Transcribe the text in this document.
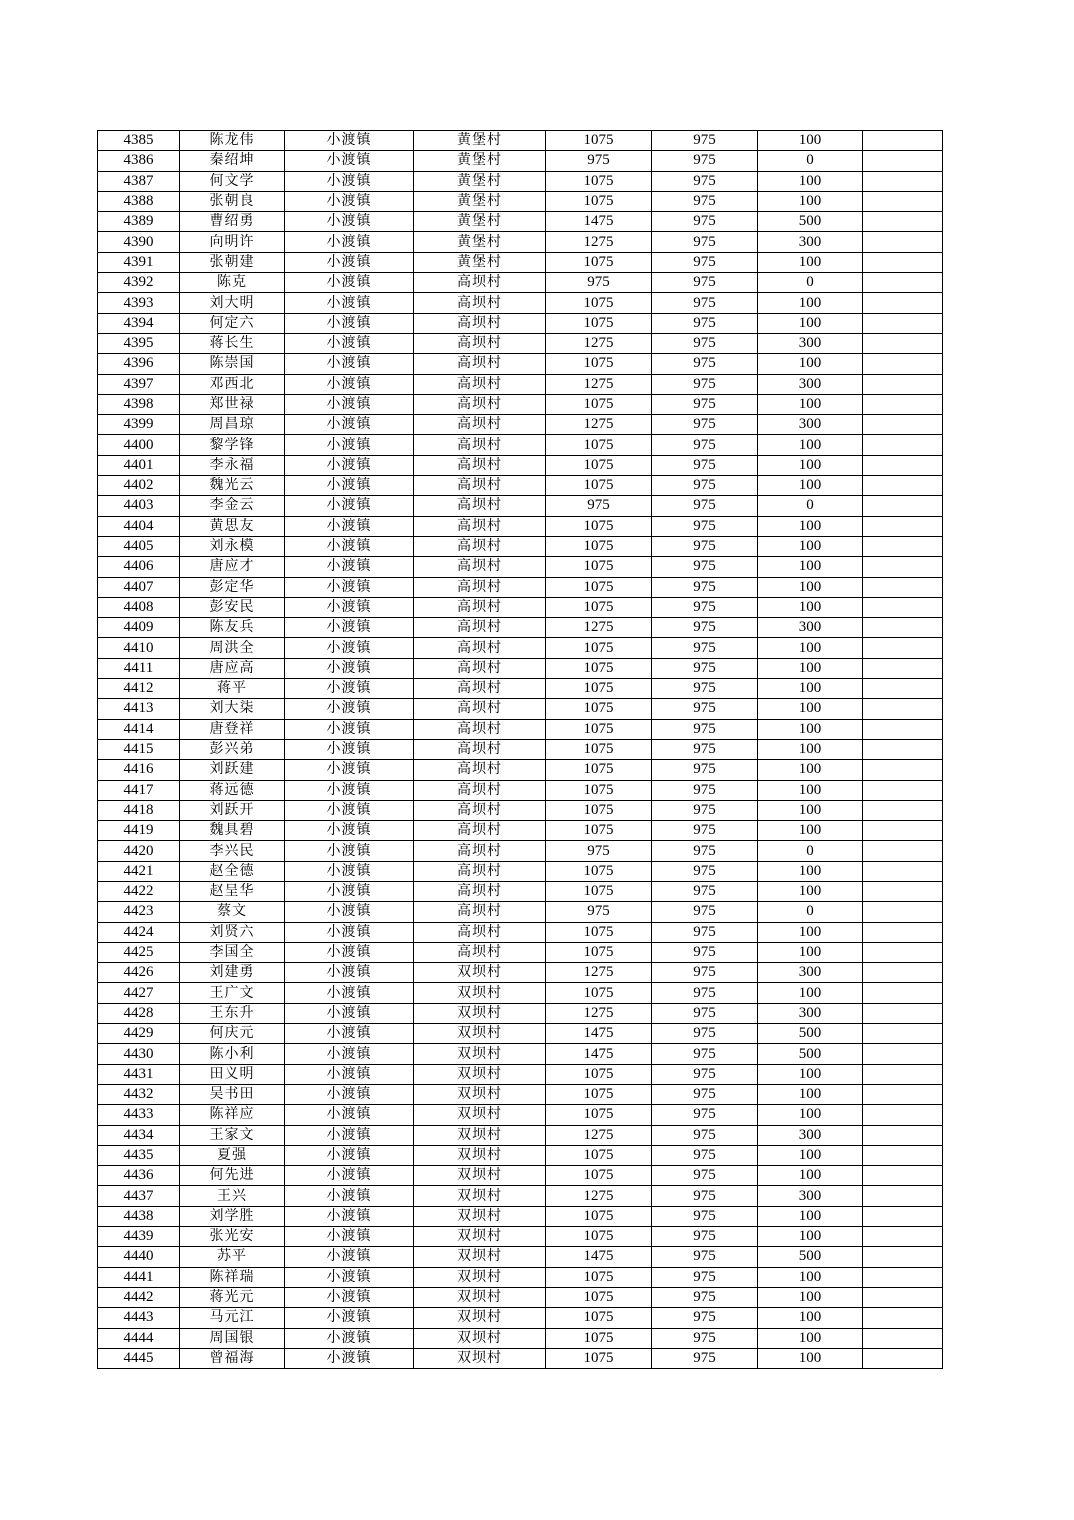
4385	陈龙伟	小渡镇	黄堡村	1075	975	100	
4386	秦绍坤	小渡镇	黄堡村	975	975	0	
4387	何文学	小渡镇	黄堡村	1075	975	100	
4388	张朝良	小渡镇	黄堡村	1075	975	100	
4389	曹绍勇	小渡镇	黄堡村	1475	975	500	
4390	向明许	小渡镇	黄堡村	1275	975	300	
4391	张朝建	小渡镇	黄堡村	1075	975	100	
4392	陈克	小渡镇	高坝村	975	975	0	
4393	刘大明	小渡镇	高坝村	1075	975	100	
4394	何定六	小渡镇	高坝村	1075	975	100	
4395	蒋长生	小渡镇	高坝村	1275	975	300	
4396	陈崇国	小渡镇	高坝村	1075	975	100	
4397	邓西北	小渡镇	高坝村	1275	975	300	
4398	郑世禄	小渡镇	高坝村	1075	975	100	
4399	周昌琼	小渡镇	高坝村	1275	975	300	
4400	黎学锋	小渡镇	高坝村	1075	975	100	
4401	李永福	小渡镇	高坝村	1075	975	100	
4402	魏光云	小渡镇	高坝村	1075	975	100	
4403	李金云	小渡镇	高坝村	975	975	0	
4404	黄思友	小渡镇	高坝村	1075	975	100	
4405	刘永模	小渡镇	高坝村	1075	975	100	
4406	唐应才	小渡镇	高坝村	1075	975	100	
4407	彭定华	小渡镇	高坝村	1075	975	100	
4408	彭安民	小渡镇	高坝村	1075	975	100	
4409	陈友兵	小渡镇	高坝村	1275	975	300	
4410	周洪全	小渡镇	高坝村	1075	975	100	
4411	唐应高	小渡镇	高坝村	1075	975	100	
4412	蒋平	小渡镇	高坝村	1075	975	100	
4413	刘大柒	小渡镇	高坝村	1075	975	100	
4414	唐登祥	小渡镇	高坝村	1075	975	100	
4415	彭兴弟	小渡镇	高坝村	1075	975	100	
4416	刘跃建	小渡镇	高坝村	1075	975	100	
4417	蒋远德	小渡镇	高坝村	1075	975	100	
4418	刘跃开	小渡镇	高坝村	1075	975	100	
4419	魏具碧	小渡镇	高坝村	1075	975	100	
4420	李兴民	小渡镇	高坝村	975	975	0	
4421	赵全德	小渡镇	高坝村	1075	975	100	
4422	赵呈华	小渡镇	高坝村	1075	975	100	
4423	蔡文	小渡镇	高坝村	975	975	0	
4424	刘贤六	小渡镇	高坝村	1075	975	100	
4425	李国全	小渡镇	高坝村	1075	975	100	
4426	刘建勇	小渡镇	双坝村	1275	975	300	
4427	王广文	小渡镇	双坝村	1075	975	100	
4428	王东升	小渡镇	双坝村	1275	975	300	
4429	何庆元	小渡镇	双坝村	1475	975	500	
4430	陈小利	小渡镇	双坝村	1475	975	500	
4431	田义明	小渡镇	双坝村	1075	975	100	
4432	吴书田	小渡镇	双坝村	1075	975	100	
4433	陈祥应	小渡镇	双坝村	1075	975	100	
4434	王家文	小渡镇	双坝村	1275	975	300	
4435	夏强	小渡镇	双坝村	1075	975	100	
4436	何先进	小渡镇	双坝村	1075	975	100	
4437	王兴	小渡镇	双坝村	1275	975	300	
4438	刘学胜	小渡镇	双坝村	1075	975	100	
4439	张光安	小渡镇	双坝村	1075	975	100	
4440	苏平	小渡镇	双坝村	1475	975	500	
4441	陈祥瑞	小渡镇	双坝村	1075	975	100	
4442	蒋光元	小渡镇	双坝村	1075	975	100	
4443	马元江	小渡镇	双坝村	1075	975	100	
4444	周国银	小渡镇	双坝村	1075	975	100	
4445	曾福海	小渡镇	双坝村	1075	975	100	
